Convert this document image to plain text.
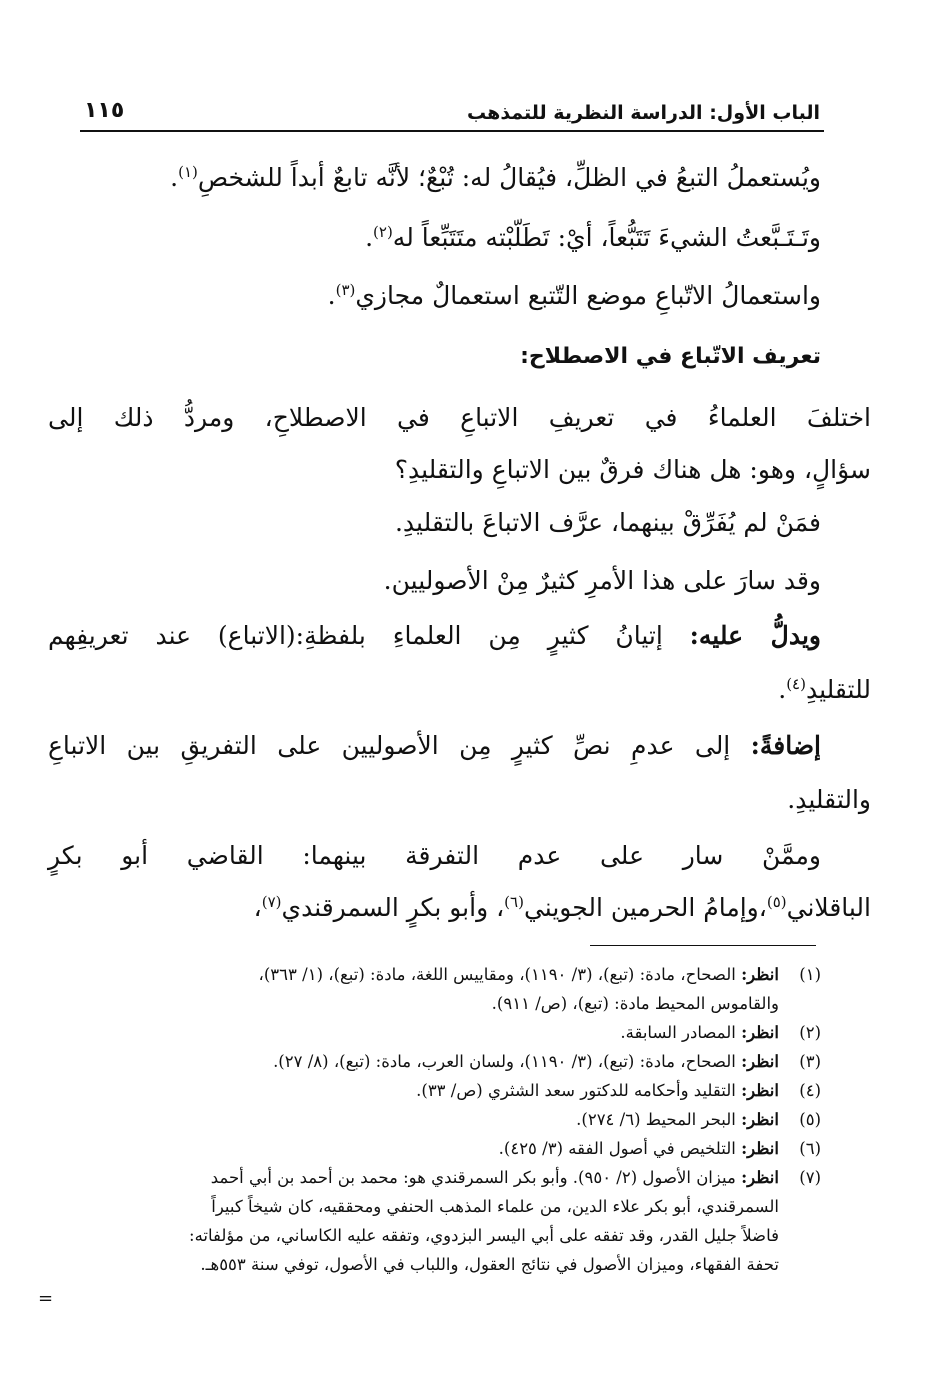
الباب الأول: الدراسة النظرية للتمذهب
١١٥
ويُستعملُ التبعُ في الظلِّ، فيُقالُ له: تُبْعٌ؛ لأنَّه تابعٌ أبداً للشخصِ$^{(١)}$.
وتَـتَـبَّعتُ الشيءَ تَتَبُّعاً، أيْ: تَطَلّبْته متَتَبِّعاً له$^{(٢)}$.
واستعمالُ الاتّباعِ موضع التّتبع استعمالٌ مجازي$^{(٣)}$.
اختلفَ العلماءُ في تعريفِ الاتباعِ في الاصطلاحِ، ومردُّ ذلك إلى
سؤالٍ، وهو: هل هناك فرقٌ بين الاتباعِ والتقليدِ؟
فمَنْ لم يُفَرِّقْ بينهما، عرَّف الاتباعَ بالتقليدِ.
وقد سارَ على هذا الأمرِ كثيرٌ مِنْ الأصوليين.
ويدلُّ عليه: إتيانُ كثيرٍ مِن العلماءِ بلفظةِ:(الاتباع) عند تعريفِهم
للتقليدِ$^{(٤)}$.
إضافةً: إلى عدمِ نصِّ كثيرٍ مِن الأصوليين على التفريقِ بين الاتباعِ
والتقليدِ.
وممَّنْ سار على عدم التفرقة بينهما: القاضي أبو بكرٍ
الباقلاني$^{(٥)}$،وإمامُ الحرمين الجويني$^{(٦)}$، وأبو بكرٍ السمرقندي$^{(٧)}$،
تعريف الاتّباع في الاصطلاح:
(١)
انظر: الصحاح، مادة: (تبع)، (٣/ ١١٩٠)، ومقاييس اللغة، مادة: (تبع)، (١/ ٣٦٣)،
والقاموس المحيط مادة: (تبع)، (ص/ ٩١١).
(٢)
انظر: المصادر السابقة.
(٣)
انظر: الصحاح، مادة: (تبع)، (٣/ ١١٩٠)، ولسان العرب، مادة: (تبع)، (٨/ ٢٧).
(٤)
انظر: التقليد وأحكامه للدكتور سعد الشثري (ص/ ٣٣).
(٥)
انظر: البحر المحيط (٦/ ٢٧٤).
(٦)
انظر: التلخيص في أصول الفقه (٣/ ٤٢٥).
(٧)
انظر: ميزان الأصول (٢/ ٩٥٠). وأبو بكر السمرقندي هو: محمد بن أحمد بن أبي أحمد
السمرقندي، أبو بكر علاء الدين، من علماء المذهب الحنفي ومحققيه، كان شيخاً كبيراً
فاضلاً جليل القدر، وقد تفقه على أبي اليسر البزدوي، وتفقه عليه الكاساني، من مؤلفاته:
تحفة الفقهاء، وميزان الأصول في نتائج العقول، واللباب في الأصول، توفي سنة ٥٥٣هـ.
=
